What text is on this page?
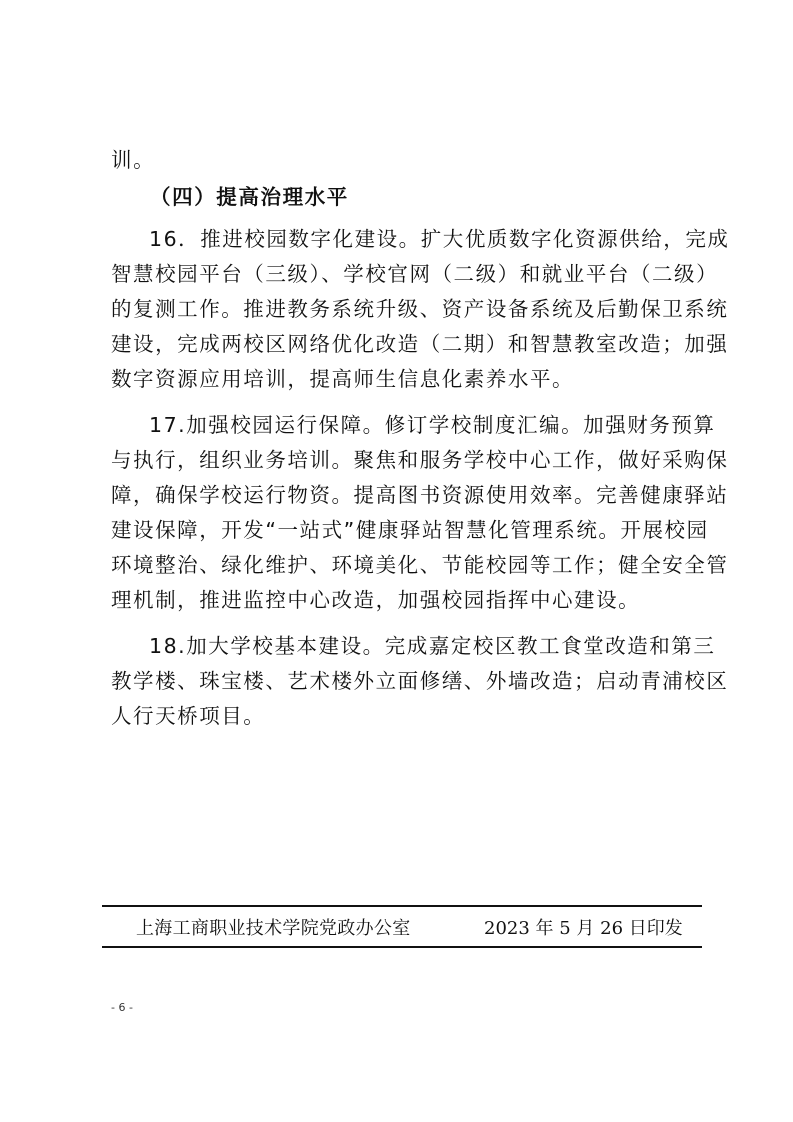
训。

（四）提高治理水平

16．推进校园数字化建设。扩大优质数字化资源供给，完成
智慧校园平台（三级）、学校官网（二级）和就业平台（二级）
的复测工作。推进教务系统升级、资产设备系统及后勤保卫系统
建设，完成两校区网络优化改造（二期）和智慧教室改造；加强
数字资源应用培训，提高师生信息化素养水平。
17.加强校园运行保障。修订学校制度汇编。加强财务预算
与执行，组织业务培训。聚焦和服务学校中心工作，做好采购保
障，确保学校运行物资。提高图书资源使用效率。完善健康驿站
建设保障，开发“一站式”健康驿站智慧化管理系统。开展校园
环境整治、绿化维护、环境美化、节能校园等工作；健全安全管
理机制，推进监控中心改造，加强校园指挥中心建设。
18.加大学校基本建设。完成嘉定校区教工食堂改造和第三
教学楼、珠宝楼、艺术楼外立面修缮、外墙改造；启动青浦校区
人行天桥项目。
上海工商职业技术学院党政办公室	2023 年 5 月 26 日印发
- 6 -
